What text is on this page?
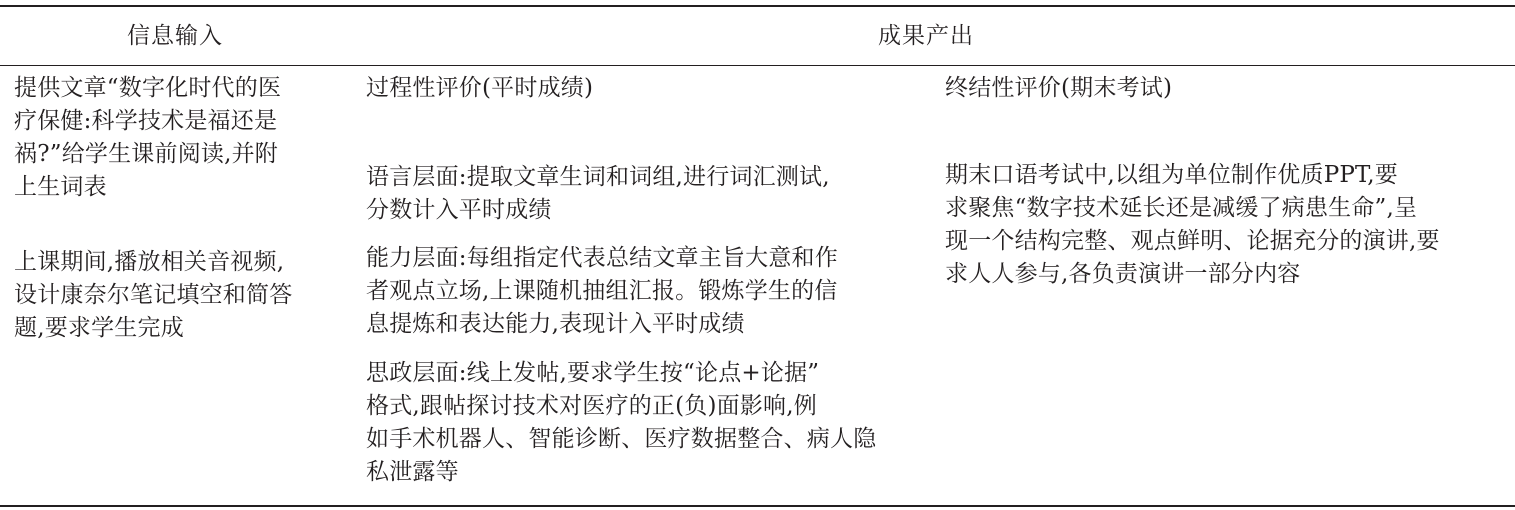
信息输入	成果产出
提供文章“数字化时代的医
疗保健:科学技术是福还是
祸?”给学生课前阅读,并附
上生词表
上课期间,播放相关音视频,
设计康奈尔笔记填空和简答
题,要求学生完成
过程性评价(平时成绩)
语言层面:提取文章生词和词组,进行词汇测试,
分数计入平时成绩
能力层面:每组指定代表总结文章主旨大意和作
者观点立场,上课随机抽组汇报。锻炼学生的信
息提炼和表达能力,表现计入平时成绩
思政层面:线上发帖,要求学生按“论点+论据”
格式,跟帖探讨技术对医疗的正(负)面影响,例
如手术机器人、智能诊断、医疗数据整合、病人隐
私泄露等
终结性评价(期末考试)
期末口语考试中,以组为单位制作优质PPT,要
求聚焦“数字技术延长还是减缓了病患生命”,呈
现一个结构完整、观点鲜明、论据充分的演讲,要
求人人参与,各负责演讲一部分内容
